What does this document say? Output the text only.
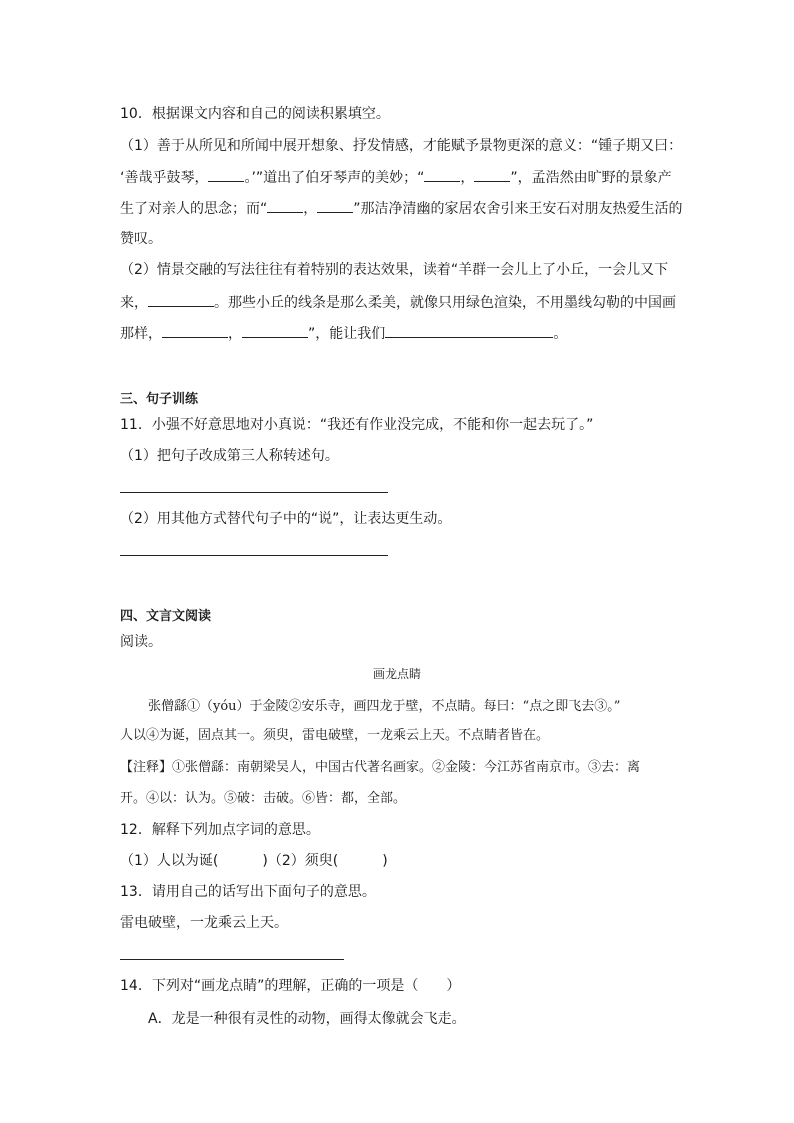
10．根据课文内容和自己的阅读积累填空。
（1）善于从所见和所闻中展开想象、抒发情感，才能赋予景物更深的意义：“锺子期又曰：
‘善哉乎鼓琴，	。’”道出了伯牙琴声的美妙；“	，	”，孟浩然由旷野的景象产
生了对亲人的思念；而“	，	”那洁净清幽的家居农舍引来王安石对朋友热爱生活的
赞叹。
（2）情景交融的写法往往有着特别的表达效果，读着“羊群一会儿上了小丘，一会儿又下
来，	。那些小丘的线条是那么柔美，就像只用绿色渲染，不用墨线勾勒的中国画
那样，	，	”，能让我们	。
三、句子训练
11．小强不好意思地对小真说：“我还有作业没完成，不能和你一起去玩了。”
（1）把句子改成第三人称转述句。
（2）用其他方式替代句子中的“说”，让表达更生动。
四、文言文阅读
阅读。
画龙点睛
张僧繇①（yóu）于金陵②安乐寺，画四龙于壁，不点睛。每曰：“点之即飞去③。”
人以④为诞，固点其一。须臾，雷电破壁，一龙乘云上天。不点睛者皆在。
【注释】①张僧繇：南朝梁吴人，中国古代著名画家。②金陵：今江苏省南京市。③去：离
开。④以：认为。⑤破：击破。⑥皆：都，全部。
12．解释下列加点字词的意思。
（1）人以为诞(	)（2）须臾(	)
13．请用自己的话写出下面句子的意思。
雷电破壁，一龙乘云上天。
14．下列对“画龙点睛”的理解，正确的一项是（　　）
A．龙是一种很有灵性的动物，画得太像就会飞走。
